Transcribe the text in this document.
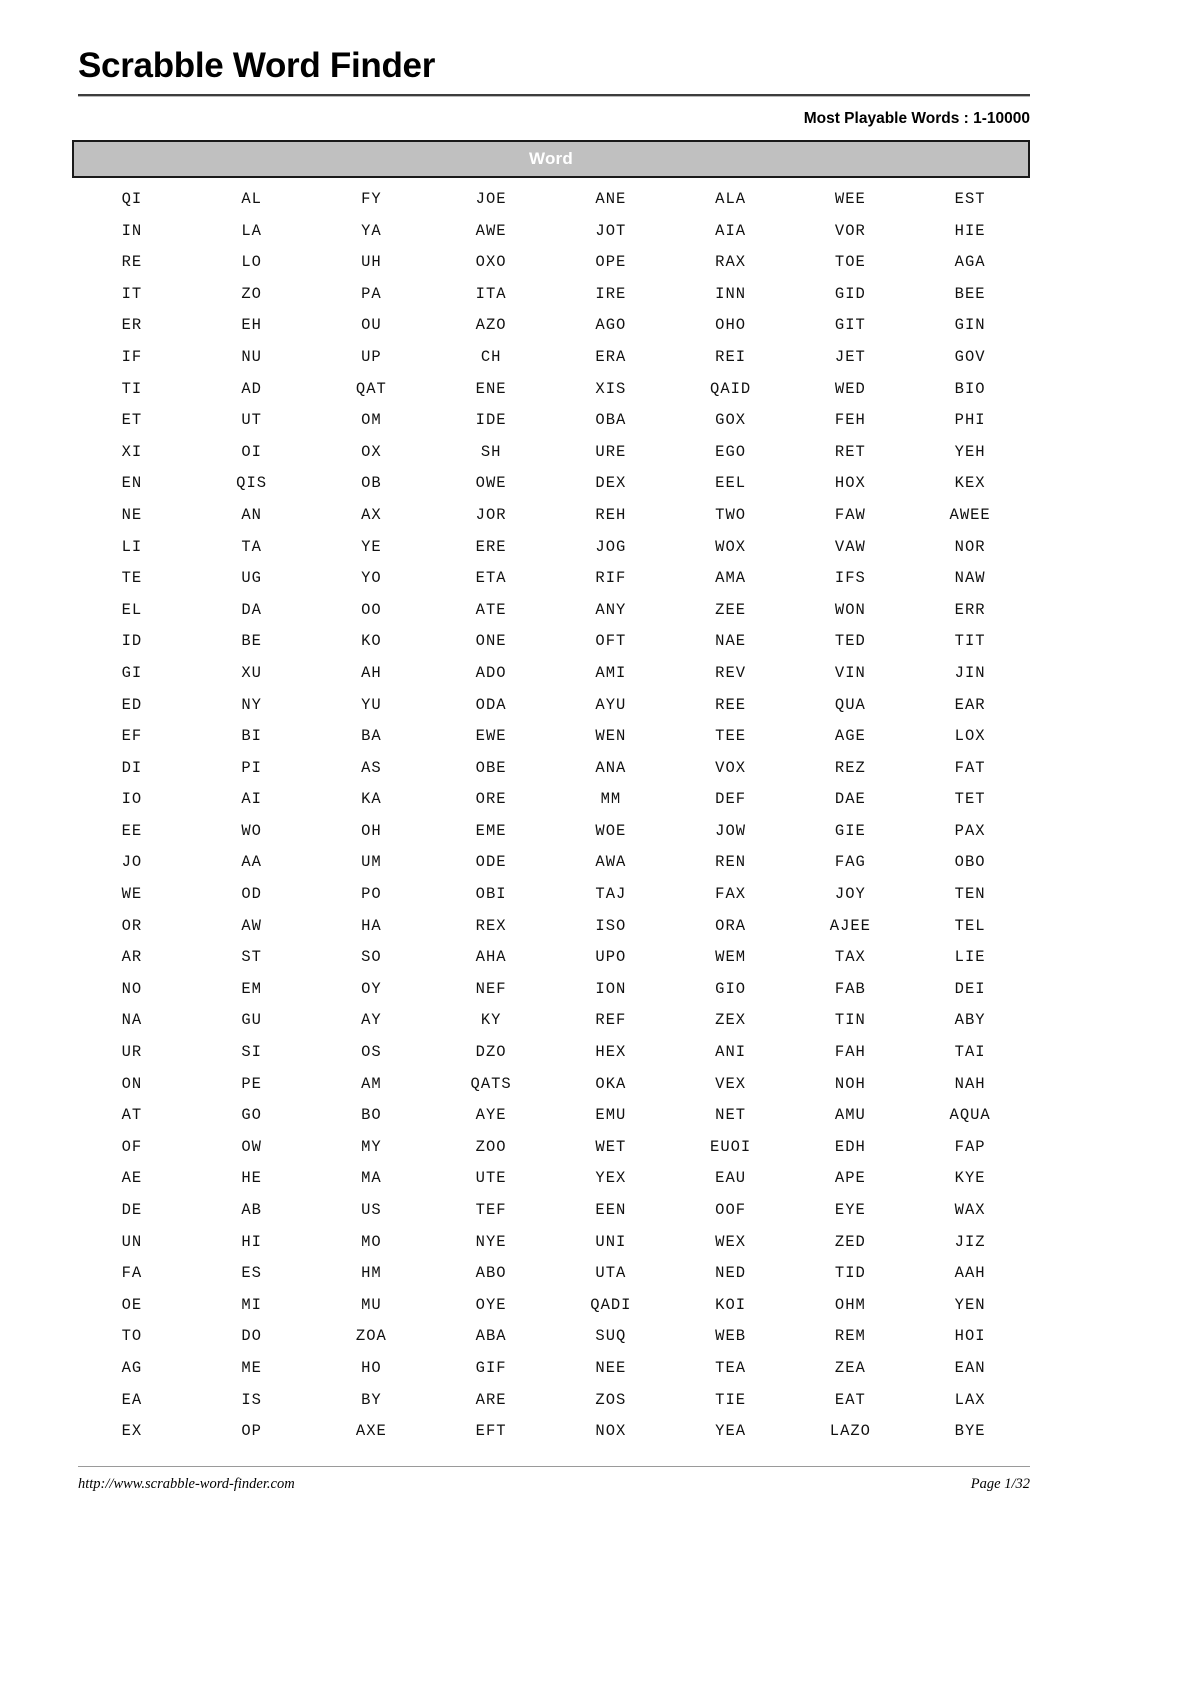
Scrabble Word Finder
Most Playable Words : 1-10000
Word
QI	AL	FY	JOE	ANE	ALA	WEE	EST
IN	LA	YA	AWE	JOT	AIA	VOR	HIE
RE	LO	UH	OXO	OPE	RAX	TOE	AGA
IT	ZO	PA	ITA	IRE	INN	GID	BEE
ER	EH	OU	AZO	AGO	OHO	GIT	GIN
IF	NU	UP	CH	ERA	REI	JET	GOV
TI	AD	QAT	ENE	XIS	QAID	WED	BIO
ET	UT	OM	IDE	OBA	GOX	FEH	PHI
XI	OI	OX	SH	URE	EGO	RET	YEH
EN	QIS	OB	OWE	DEX	EEL	HOX	KEX
NE	AN	AX	JOR	REH	TWO	FAW	AWEE
LI	TA	YE	ERE	JOG	WOX	VAW	NOR
TE	UG	YO	ETA	RIF	AMA	IFS	NAW
EL	DA	OO	ATE	ANY	ZEE	WON	ERR
ID	BE	KO	ONE	OFT	NAE	TED	TIT
GI	XU	AH	ADO	AMI	REV	VIN	JIN
ED	NY	YU	ODA	AYU	REE	QUA	EAR
EF	BI	BA	EWE	WEN	TEE	AGE	LOX
DI	PI	AS	OBE	ANA	VOX	REZ	FAT
IO	AI	KA	ORE	MM	DEF	DAE	TET
EE	WO	OH	EME	WOE	JOW	GIE	PAX
JO	AA	UM	ODE	AWA	REN	FAG	OBO
WE	OD	PO	OBI	TAJ	FAX	JOY	TEN
OR	AW	HA	REX	ISO	ORA	AJEE	TEL
AR	ST	SO	AHA	UPO	WEM	TAX	LIE
NO	EM	OY	NEF	ION	GIO	FAB	DEI
NA	GU	AY	KY	REF	ZEX	TIN	ABY
UR	SI	OS	DZO	HEX	ANI	FAH	TAI
ON	PE	AM	QATS	OKA	VEX	NOH	NAH
AT	GO	BO	AYE	EMU	NET	AMU	AQUA
OF	OW	MY	ZOO	WET	EUOI	EDH	FAP
AE	HE	MA	UTE	YEX	EAU	APE	KYE
DE	AB	US	TEF	EEN	OOF	EYE	WAX
UN	HI	MO	NYE	UNI	WEX	ZED	JIZ
FA	ES	HM	ABO	UTA	NED	TID	AAH
OE	MI	MU	OYE	QADI	KOI	OHM	YEN
TO	DO	ZOA	ABA	SUQ	WEB	REM	HOI
AG	ME	HO	GIF	NEE	TEA	ZEA	EAN
EA	IS	BY	ARE	ZOS	TIE	EAT	LAX
EX	OP	AXE	EFT	NOX	YEA	LAZO	BYE
http://www.scrabble-word-finder.com	Page 1/32
